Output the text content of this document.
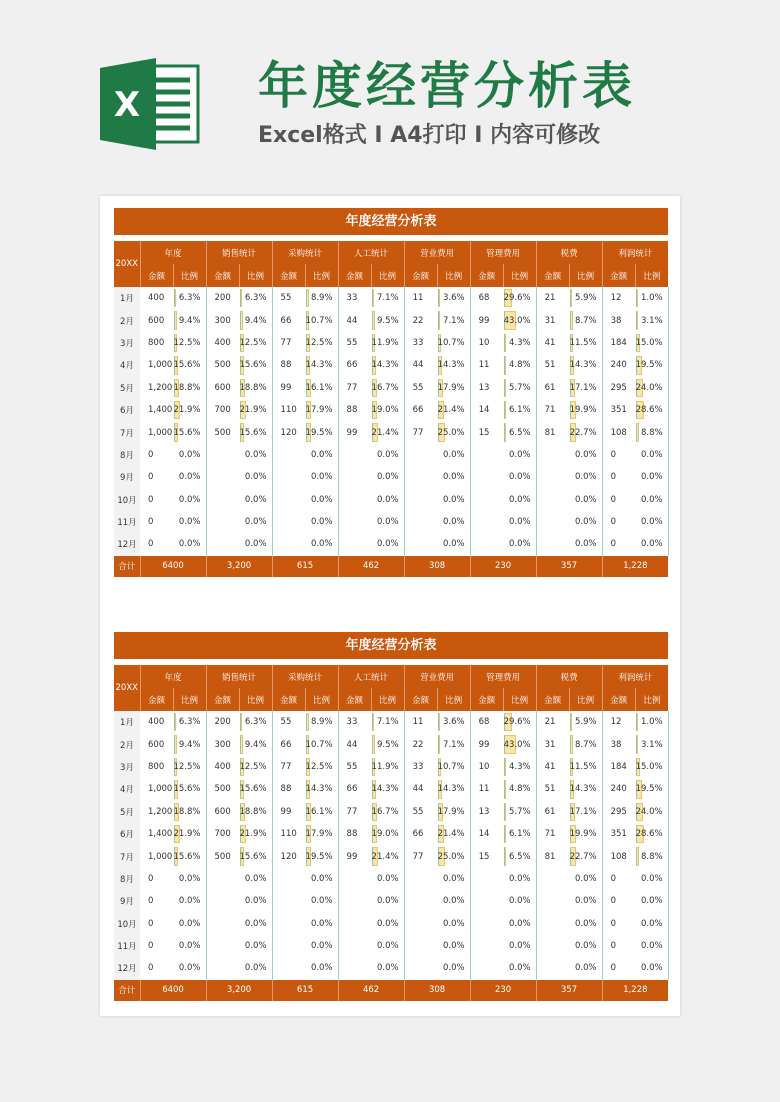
X 年度经营分析表
Excel格式 I A4打印 I 内容可修改
年度经营分析表
20XX	年度		销售统计		采购统计		人工统计		营业费用		管理费用		税费		利润统计	
	金额	比例	金额	比例	金额	比例	金额	比例	金额	比例	金额	比例	金额	比例	金额	比例
1月	400	6.3%	200	6.3%	55	8.9%	33	7.1%	11	3.6%	68	29.6%	21	5.9%	12	1.0%
2月	600	9.4%	300	9.4%	66	10.7%	44	9.5%	22	7.1%	99	43.0%	31	8.7%	38	3.1%
3月	800	12.5%	400	12.5%	77	12.5%	55	11.9%	33	10.7%	10	4.3%	41	11.5%	184	15.0%
4月	1,000	15.6%	500	15.6%	88	14.3%	66	14.3%	44	14.3%	11	4.8%	51	14.3%	240	19.5%
5月	1,200	18.8%	600	18.8%	99	16.1%	77	16.7%	55	17.9%	13	5.7%	61	17.1%	295	24.0%
6月	1,400	21.9%	700	21.9%	110	17.9%	88	19.0%	66	21.4%	14	6.1%	71	19.9%	351	28.6%
7月	1,000	15.6%	500	15.6%	120	19.5%	99	21.4%	77	25.0%	15	6.5%	81	22.7%	108	8.8%
8月	0	0.0%		0.0%		0.0%		0.0%		0.0%		0.0%		0.0%	0	0.0%
9月	0	0.0%		0.0%		0.0%		0.0%		0.0%		0.0%		0.0%	0	0.0%
10月	0	0.0%		0.0%		0.0%		0.0%		0.0%		0.0%		0.0%	0	0.0%
11月	0	0.0%		0.0%		0.0%		0.0%		0.0%		0.0%		0.0%	0	0.0%
12月	0	0.0%		0.0%		0.0%		0.0%		0.0%		0.0%		0.0%	0	0.0%
合计	6400		3,200		615		462		308		230		357		1,228	
年度经营分析表
20XX	年度		销售统计		采购统计		人工统计		营业费用		管理费用		税费		利润统计	
	金额	比例	金额	比例	金额	比例	金额	比例	金额	比例	金额	比例	金额	比例	金额	比例
1月	400	6.3%	200	6.3%	55	8.9%	33	7.1%	11	3.6%	68	29.6%	21	5.9%	12	1.0%
2月	600	9.4%	300	9.4%	66	10.7%	44	9.5%	22	7.1%	99	43.0%	31	8.7%	38	3.1%
3月	800	12.5%	400	12.5%	77	12.5%	55	11.9%	33	10.7%	10	4.3%	41	11.5%	184	15.0%
4月	1,000	15.6%	500	15.6%	88	14.3%	66	14.3%	44	14.3%	11	4.8%	51	14.3%	240	19.5%
5月	1,200	18.8%	600	18.8%	99	16.1%	77	16.7%	55	17.9%	13	5.7%	61	17.1%	295	24.0%
6月	1,400	21.9%	700	21.9%	110	17.9%	88	19.0%	66	21.4%	14	6.1%	71	19.9%	351	28.6%
7月	1,000	15.6%	500	15.6%	120	19.5%	99	21.4%	77	25.0%	15	6.5%	81	22.7%	108	8.8%
8月	0	0.0%		0.0%		0.0%		0.0%		0.0%		0.0%		0.0%	0	0.0%
9月	0	0.0%		0.0%		0.0%		0.0%		0.0%		0.0%		0.0%	0	0.0%
10月	0	0.0%		0.0%		0.0%		0.0%		0.0%		0.0%		0.0%	0	0.0%
11月	0	0.0%		0.0%		0.0%		0.0%		0.0%		0.0%		0.0%	0	0.0%
12月	0	0.0%		0.0%		0.0%		0.0%		0.0%		0.0%		0.0%	0	0.0%
合计	6400		3,200		615		462		308		230		357		1,228	
